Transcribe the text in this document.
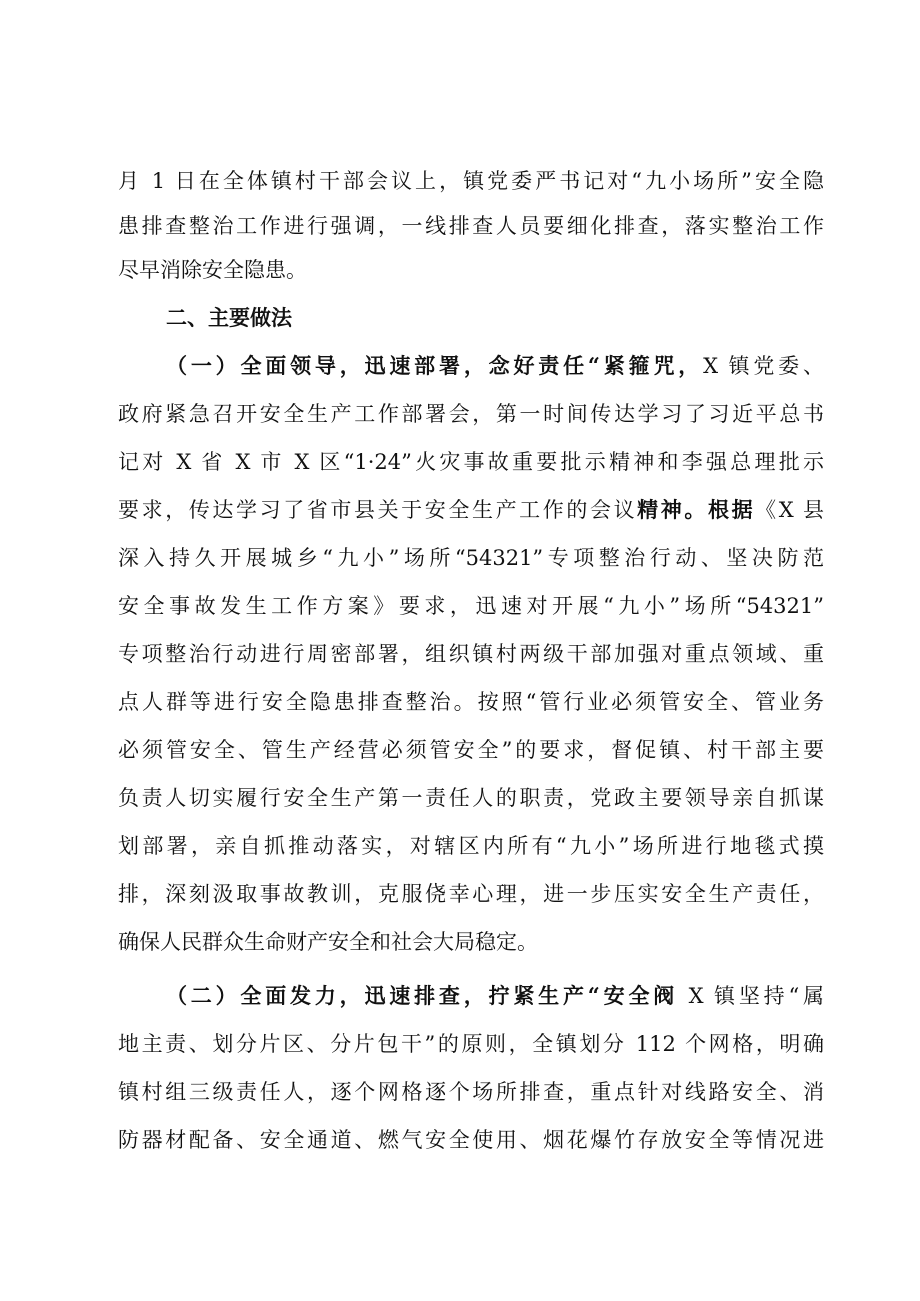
月 1 日在全体镇村干部会议上，镇党委严书记对“九小场所”安全隐
患排查整治工作进行强调，一线排查人员要细化排查，落实整治工作
尽早消除安全隐患。
二、主要做法
（一）全面领导，迅速部署，念好责任“紧箍咒，X 镇党委、
政府紧急召开安全生产工作部署会，第一时间传达学习了习近平总书
记对 X 省 X 市 X 区“1·24”火灾事故重要批示精神和李强总理批示
要求，传达学习了省市县关于安全生产工作的会议精神。根据《X 县
深入持久开展城乡“九小”场所“54321”专项整治行动、坚决防范
安全事故发生工作方案》要求，迅速对开展“九小”场所“54321”
专项整治行动进行周密部署，组织镇村两级干部加强对重点领域、重
点人群等进行安全隐患排查整治。按照“管行业必须管安全、管业务
必须管安全、管生产经营必须管安全”的要求，督促镇、村干部主要
负责人切实履行安全生产第一责任人的职责，党政主要领导亲自抓谋
划部署，亲自抓推动落实，对辖区内所有“九小”场所进行地毯式摸
排，深刻汲取事故教训，克服侥幸心理，进一步压实安全生产责任，
确保人民群众生命财产安全和社会大局稳定。
（二）全面发力，迅速排查，拧紧生产“安全阀 X 镇坚持“属
地主责、划分片区、分片包干”的原则，全镇划分 112 个网格，明确
镇村组三级责任人，逐个网格逐个场所排查，重点针对线路安全、消
防器材配备、安全通道、燃气安全使用、烟花爆竹存放安全等情况进
